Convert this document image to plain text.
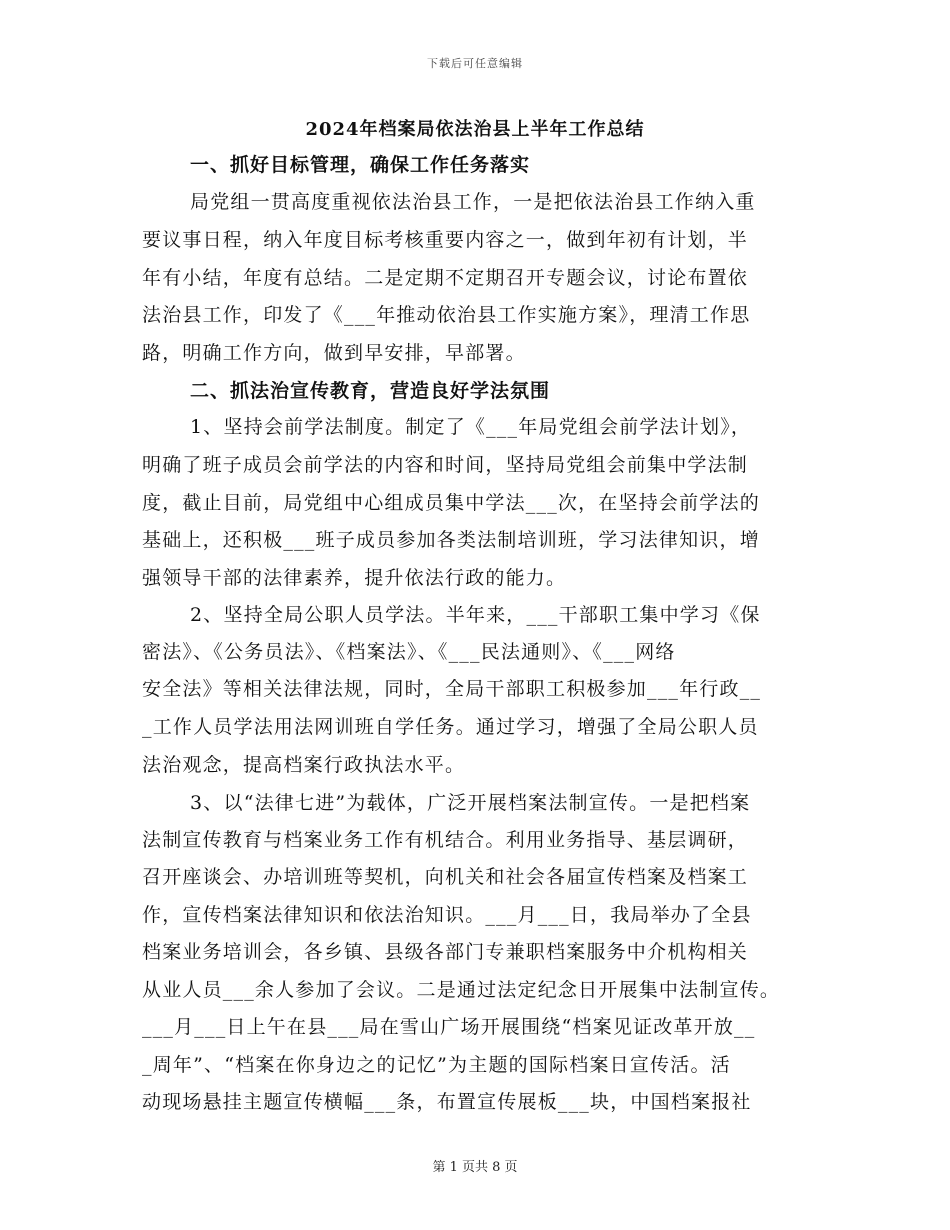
下载后可任意编辑
2024年档案局依法治县上半年工作总结
一、抓好目标管理，确保工作任务落实

局党组一贯高度重视依法治县工作，一是把依法治县工作纳入重

要议事日程，纳入年度目标考核重要内容之一，做到年初有计划，半

年有小结，年度有总结。二是定期不定期召开专题会议，讨论布置依

法治县工作，印发了《___年推动依治县工作实施方案》，理清工作思

路，明确工作方向，做到早安排，早部署。

二、抓法治宣传教育，营造良好学法氛围

1、坚持会前学法制度。制定了《___年局党组会前学法计划》，

明确了班子成员会前学法的内容和时间，坚持局党组会前集中学法制

度，截止目前，局党组中心组成员集中学法___次，在坚持会前学法的

基础上，还积极___班子成员参加各类法制培训班，学习法律知识，增

强领导干部的法律素养，提升依法行政的能力。

2、坚持全局公职人员学法。半年来，___干部职工集中学习《保

密法》、《公务员法》、《档案法》、《___民法通则》、《___网络

安全法》等相关法律法规，同时，全局干部职工积极参加___年行政__

_工作人员学法用法网训班自学任务。通过学习，增强了全局公职人员

法治观念，提高档案行政执法水平。

3、以“法律七进”为载体，广泛开展档案法制宣传。一是把档案

法制宣传教育与档案业务工作有机结合。利用业务指导、基层调研，

召开座谈会、办培训班等契机，向机关和社会各届宣传档案及档案工

作，宣传档案法律知识和依法治知识。___月___日，我局举办了全县

档案业务培训会，各乡镇、县级各部门专兼职档案服务中介机构相关

从业人员___余人参加了会议。二是通过法定纪念日开展集中法制宣传。

___月___日上午在县___局在雪山广场开展围绕“档案见证改革开放__

_周年”、“档案在你身边之的记忆”为主题的国际档案日宣传活。活

动现场悬挂主题宣传横幅___条，布置宣传展板___块，中国档案报社

第 1 页共 8 页
